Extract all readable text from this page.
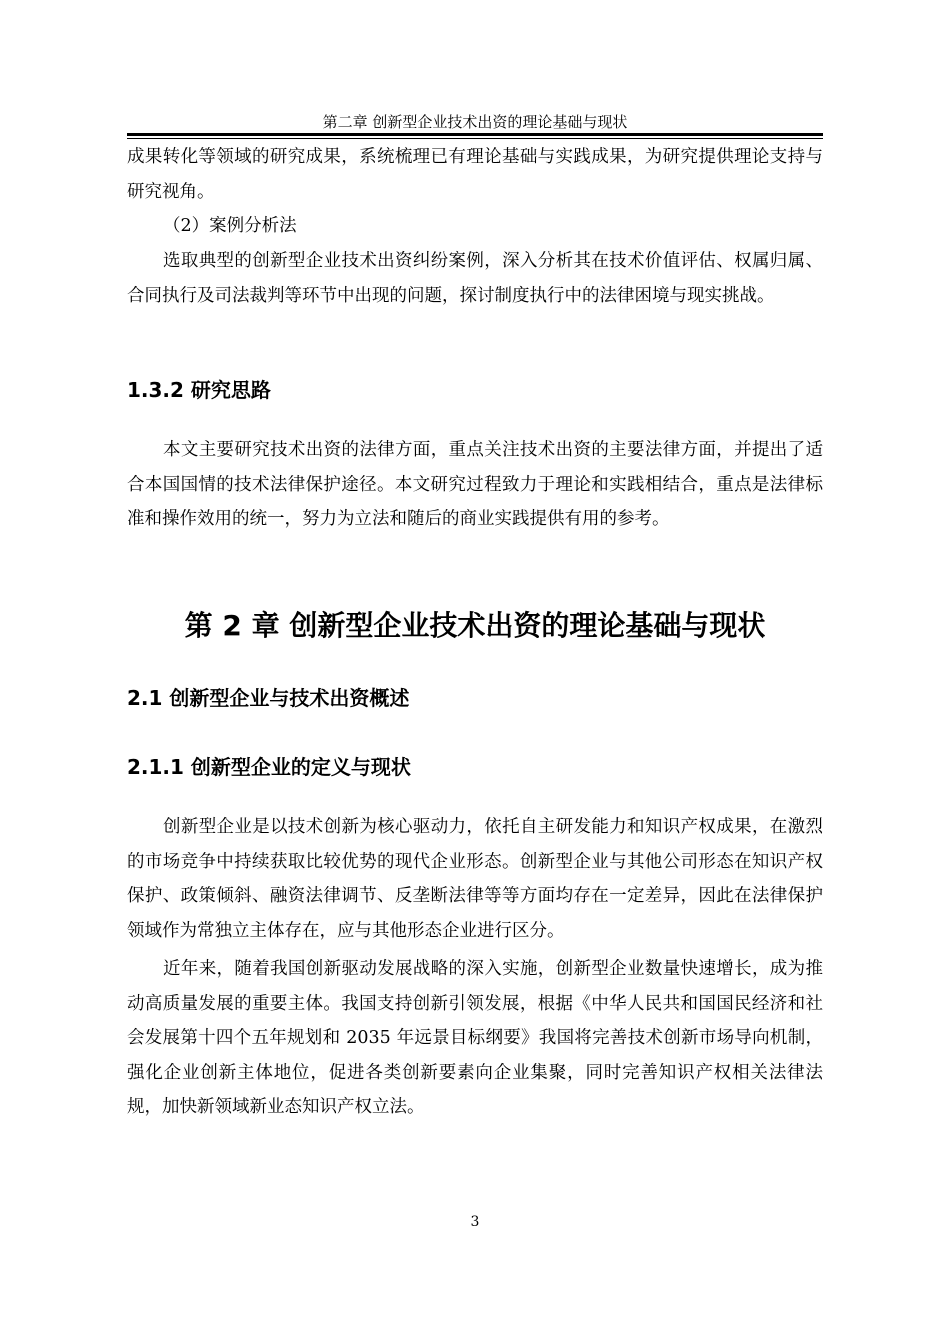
第二章 创新型企业技术出资的理论基础与现状

成果转化等领域的研究成果，系统梳理已有理论基础与实践成果，为研究提供理论支持与研究视角。

（2）案例分析法

选取典型的创新型企业技术出资纠纷案例，深入分析其在技术价值评估、权属归属、合同执行及司法裁判等环节中出现的问题，探讨制度执行中的法律困境与现实挑战。

1.3.2 研究思路

本文主要研究技术出资的法律方面，重点关注技术出资的主要法律方面，并提出了适合本国国情的技术法律保护途径。本文研究过程致力于理论和实践相结合，重点是法律标准和操作效用的统一，努力为立法和随后的商业实践提供有用的参考。

第 2 章 创新型企业技术出资的理论基础与现状
2.1 创新型企业与技术出资概述
2.1.1 创新型企业的定义与现状

创新型企业是以技术创新为核心驱动力，依托自主研发能力和知识产权成果，在激烈的市场竞争中持续获取比较优势的现代企业形态。创新型企业与其他公司形态在知识产权保护、政策倾斜、融资法律调节、反垄断法律等等方面均存在一定差异，因此在法律保护领域作为常独立主体存在，应与其他形态企业进行区分。

近年来，随着我国创新驱动发展战略的深入实施，创新型企业数量快速增长，成为推动高质量发展的重要主体。我国支持创新引领发展，根据《中华人民共和国国民经济和社会发展第十四个五年规划和 2035 年远景目标纲要》我国将完善技术创新市场导向机制，强化企业创新主体地位，促进各类创新要素向企业集聚，同时完善知识产权相关法律法规，加快新领域新业态知识产权立法。

3
